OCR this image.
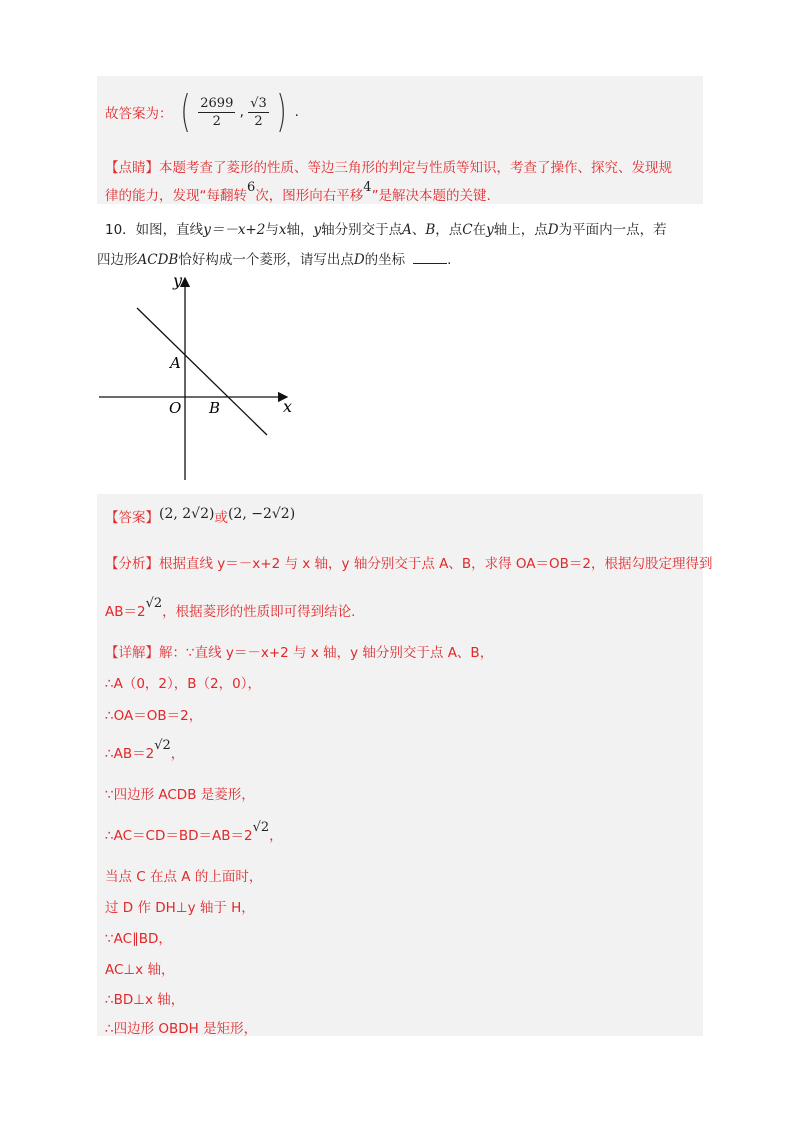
故答案为： ( $\frac{2699}{2}$ , $\frac{√3}{2}$ ) .
【点睛】本题考查了菱形的性质、等边三角形的判定与性质等知识，考查了操作、探究、发现规
律的能力，发现“每翻转6次，图形向右平移4”是解决本题的关键.
10．如图，直线y＝－x+2与x轴，y轴分别交于点A、B，点C在y轴上，点D为平面内一点，若
四边形ACDB恰好构成一个菱形，请写出点D的坐标	.
y
x
A
O B
【答案】(2, 2√2)或(2, −2√2)
【分析】根据直线 y＝－x+2 与 x 轴，y 轴分别交于点 A、B，求得 OA＝OB＝2，根据勾股定理得到
AB＝2√2，根据菱形的性质即可得到结论.
【详解】解：∵直线 y＝－x+2 与 x 轴，y 轴分别交于点 A、B，
∴A（0，2），B（2，0），
∴OA＝OB＝2，
∴AB＝2√2，
∵四边形 ACDB 是菱形，
∴AC＝CD＝BD＝AB＝2√2，
当点 C 在点 A 的上面时，
过 D 作 DH⊥y 轴于 H，
∵AC∥BD，
AC⊥x 轴，
∴BD⊥x 轴，
∴四边形 OBDH 是矩形，
